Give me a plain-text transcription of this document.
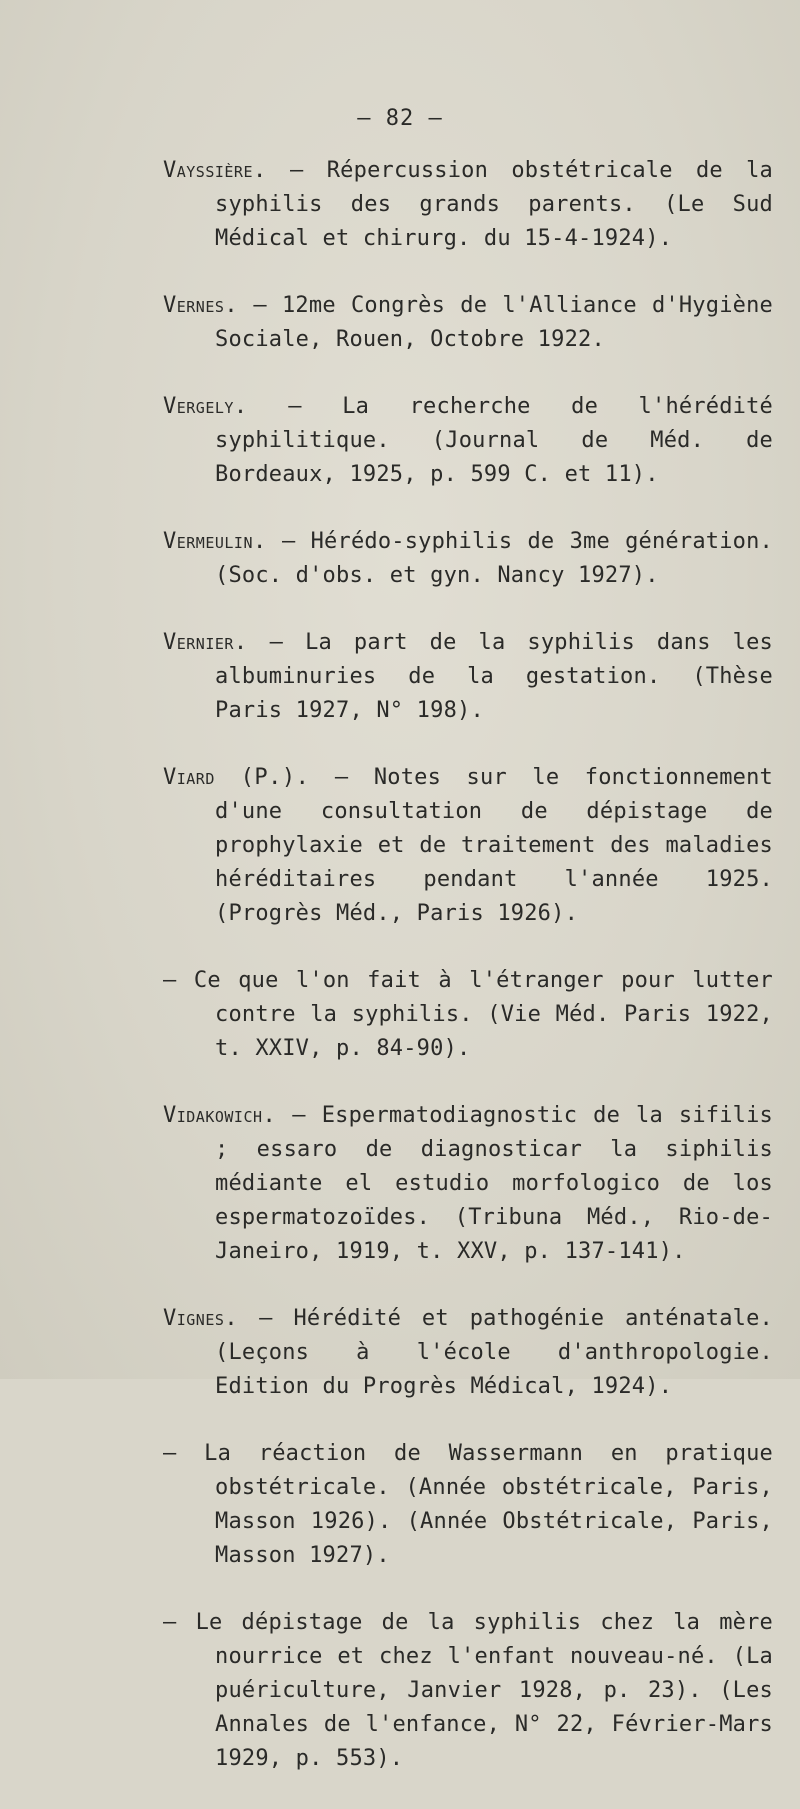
— 82 —

Vayssière. — Répercussion obstétricale de la syphilis des grands parents. (Le Sud Médical et chirurg. du 15-4-1924).

Vernes. — 12me Congrès de l'Alliance d'Hygiène Sociale, Rouen, Octobre 1922.

Vergely. — La recherche de l'hérédité syphilitique. (Journal de Méd. de Bordeaux, 1925, p. 599 C. et 11).

Vermeulin. — Hérédo-syphilis de 3me génération. (Soc. d'obs. et gyn. Nancy 1927).

Vernier. — La part de la syphilis dans les albuminuries de la gestation. (Thèse Paris 1927, N° 198).

Viard (P.). — Notes sur le fonctionnement d'une consultation de dépistage de prophylaxie et de traitement des maladies héréditaires pendant l'année 1925. (Progrès Méd., Paris 1926).

— Ce que l'on fait à l'étranger pour lutter contre la syphilis. (Vie Méd. Paris 1922, t. XXIV, p. 84-90).

Vidakowich. — Espermatodiagnostic de la sifilis ; essaro de diagnosticar la siphilis médiante el estudio morfologico de los espermatozoïdes. (Tribuna Méd., Rio-de-Janeiro, 1919, t. XXV, p. 137-141).

Vignes. — Hérédité et pathogénie anténatale. (Leçons à l'école d'anthropologie. Edition du Progrès Médical, 1924).

— La réaction de Wassermann en pratique obstétricale. (Année obstétricale, Paris, Masson 1926). (Année Obstétricale, Paris, Masson 1927).

— Le dépistage de la syphilis chez la mère nourrice et chez l'enfant nouveau-né. (La puériculture, Janvier 1928, p. 23). (Les Annales de l'enfance, N° 22, Février-Mars 1929, p. 553).
